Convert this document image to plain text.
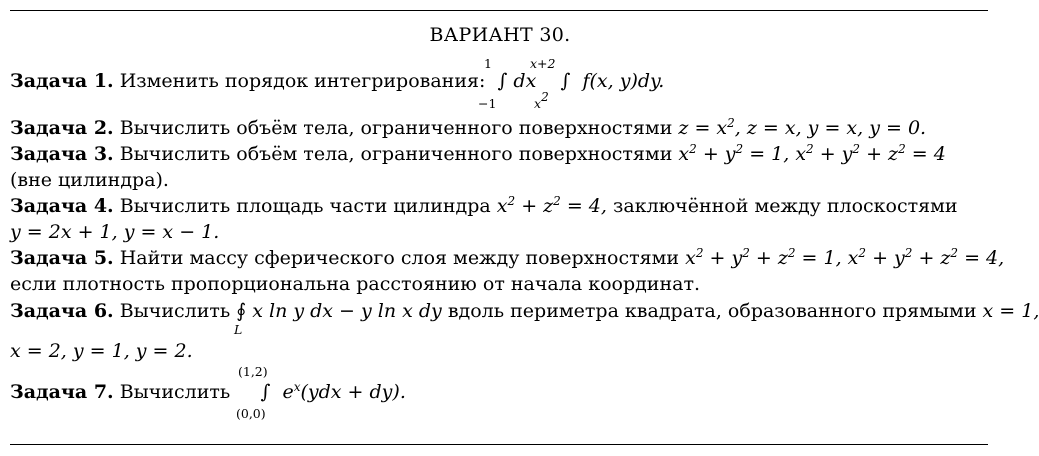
ВАРИАНТ 30.
Задача 1. Изменить порядок интегрирования:  ∫ dx    ∫  f(x, y)dy.
1
−1
x+2
$x^2$
Задача 2. Вычислить объём тела, ограниченного поверхностями $z = x^2$, z = x, y = x, y = 0.
Задача 3. Вычислить объём тела, ограниченного поверхностями $x^2 + y^2 = 1$, $x^2 + y^2 + z^2 = 4$
(вне цилиндра).
Задача 4. Вычислить площадь части цилиндра $x^2 + z^2 = 4$, заключённой между плоскостями
y = 2x + 1, y = x − 1.
Задача 5. Найти массу сферического слоя между поверхностями $x^2 + y^2 + z^2 = 1$, $x^2 + y^2 + z^2 = 4$,
если плотность пропорциональна расстоянию от начала координат.
Задача 6. Вычислить ∮ x ln y dx − y ln x dy вдоль периметра квадрата, образованного прямыми x = 1,
L
x = 2, y = 1, y = 2.
Задача 7. Вычислить     ∫  $e^x(ydx + dy)$.
(1,2)
(0,0)
